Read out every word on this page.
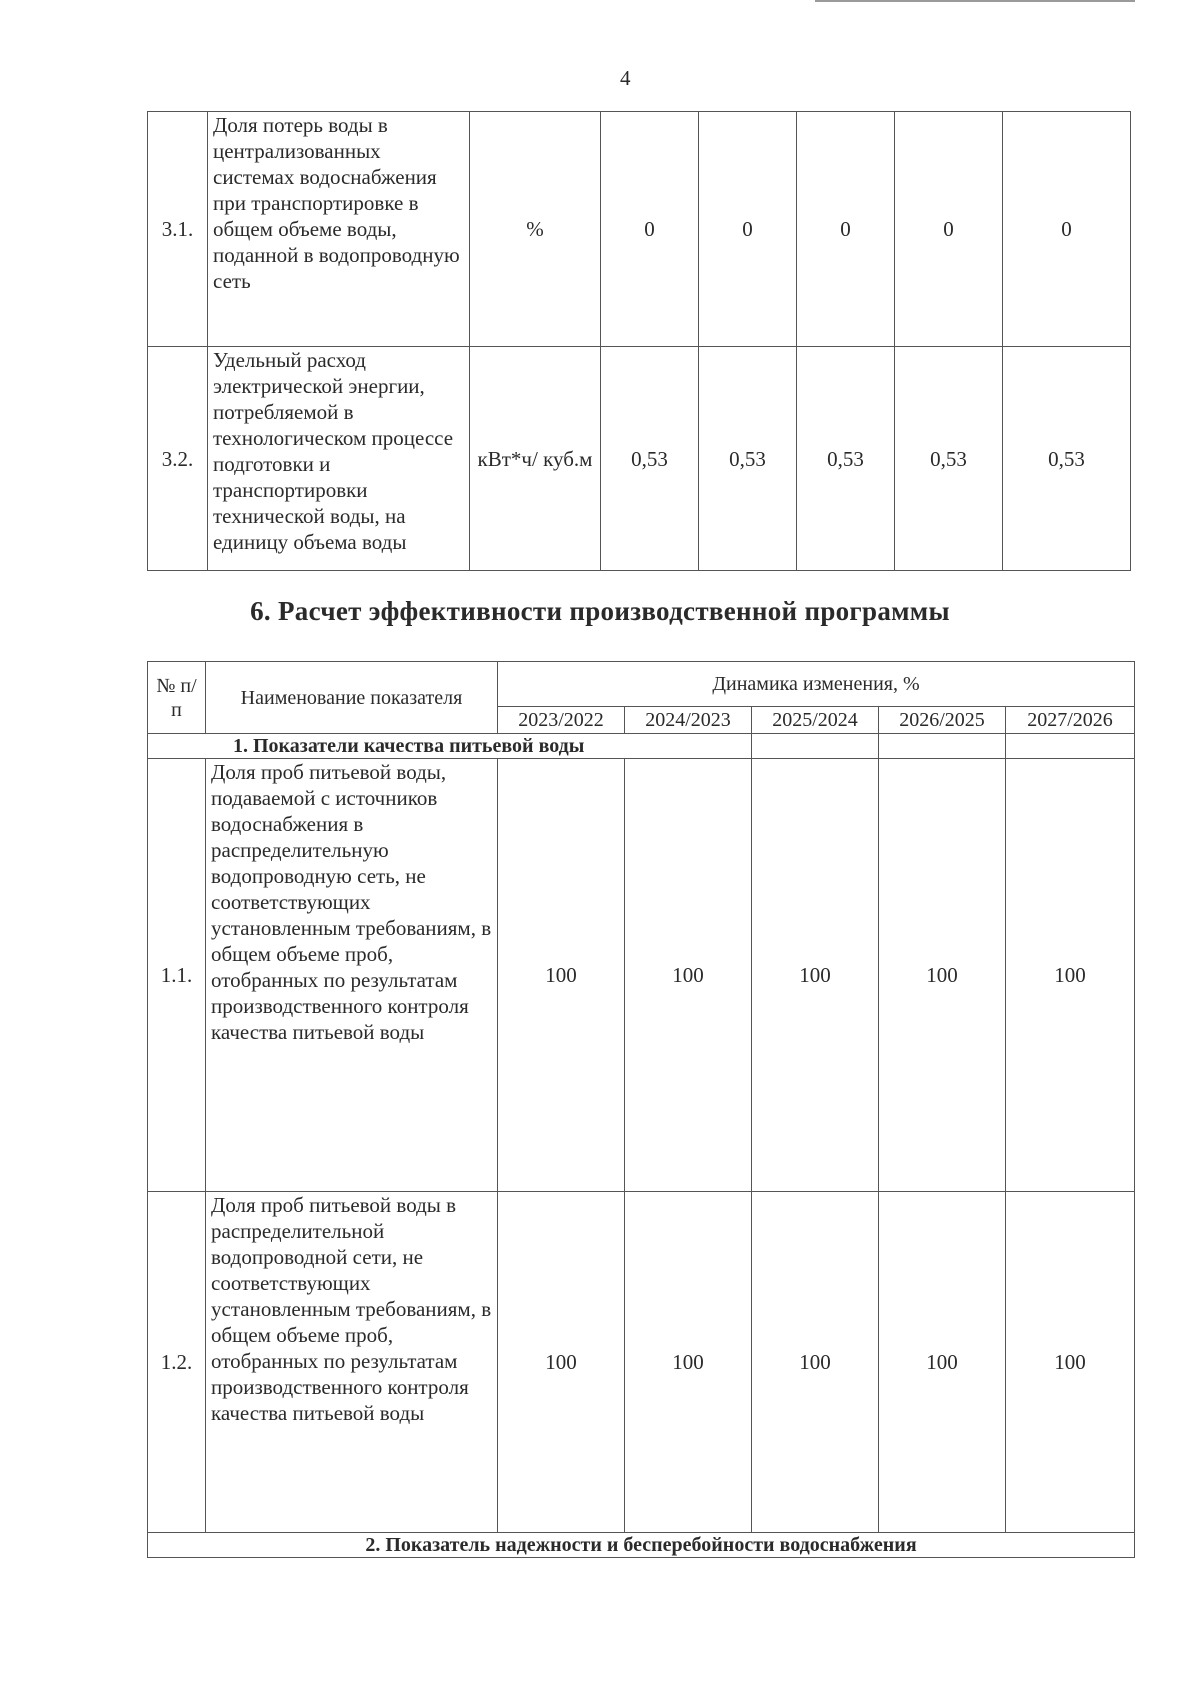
4
3.1.	Доля потерь воды в централизованных системах водоснабжения при транспортировке в общем объеме воды, поданной в водопроводную сеть	%	0	0	0	0	0
3.2.	Удельный расход электрической энергии, потребляемой в технологическом процессе подготовки и транспортировки технической воды, на единицу объема воды	кВт*ч/ куб.м	0,53	0,53	0,53	0,53	0,53
6. Расчет эффективности производственной программы
№ п/п	Наименование показателя	Динамика изменения, %				
		2023/2022	2024/2023	2025/2024	2026/2025	2027/2026
1. Показатели качества питьевой воды						
1.1.	Доля проб питьевой воды, подаваемой с источников водоснабжения в распределительную водопроводную сеть, не соответствующих установленным требованиям, в общем объеме проб, отобранных по результатам производственного контроля качества питьевой воды	100	100	100	100	100
1.2.	Доля проб питьевой воды в распределительной водопроводной сети, не соответствующих установленным требованиям, в общем объеме проб, отобранных по результатам производственного контроля качества питьевой воды	100	100	100	100	100
2. Показатель надежности и бесперебойности водоснабжения						
